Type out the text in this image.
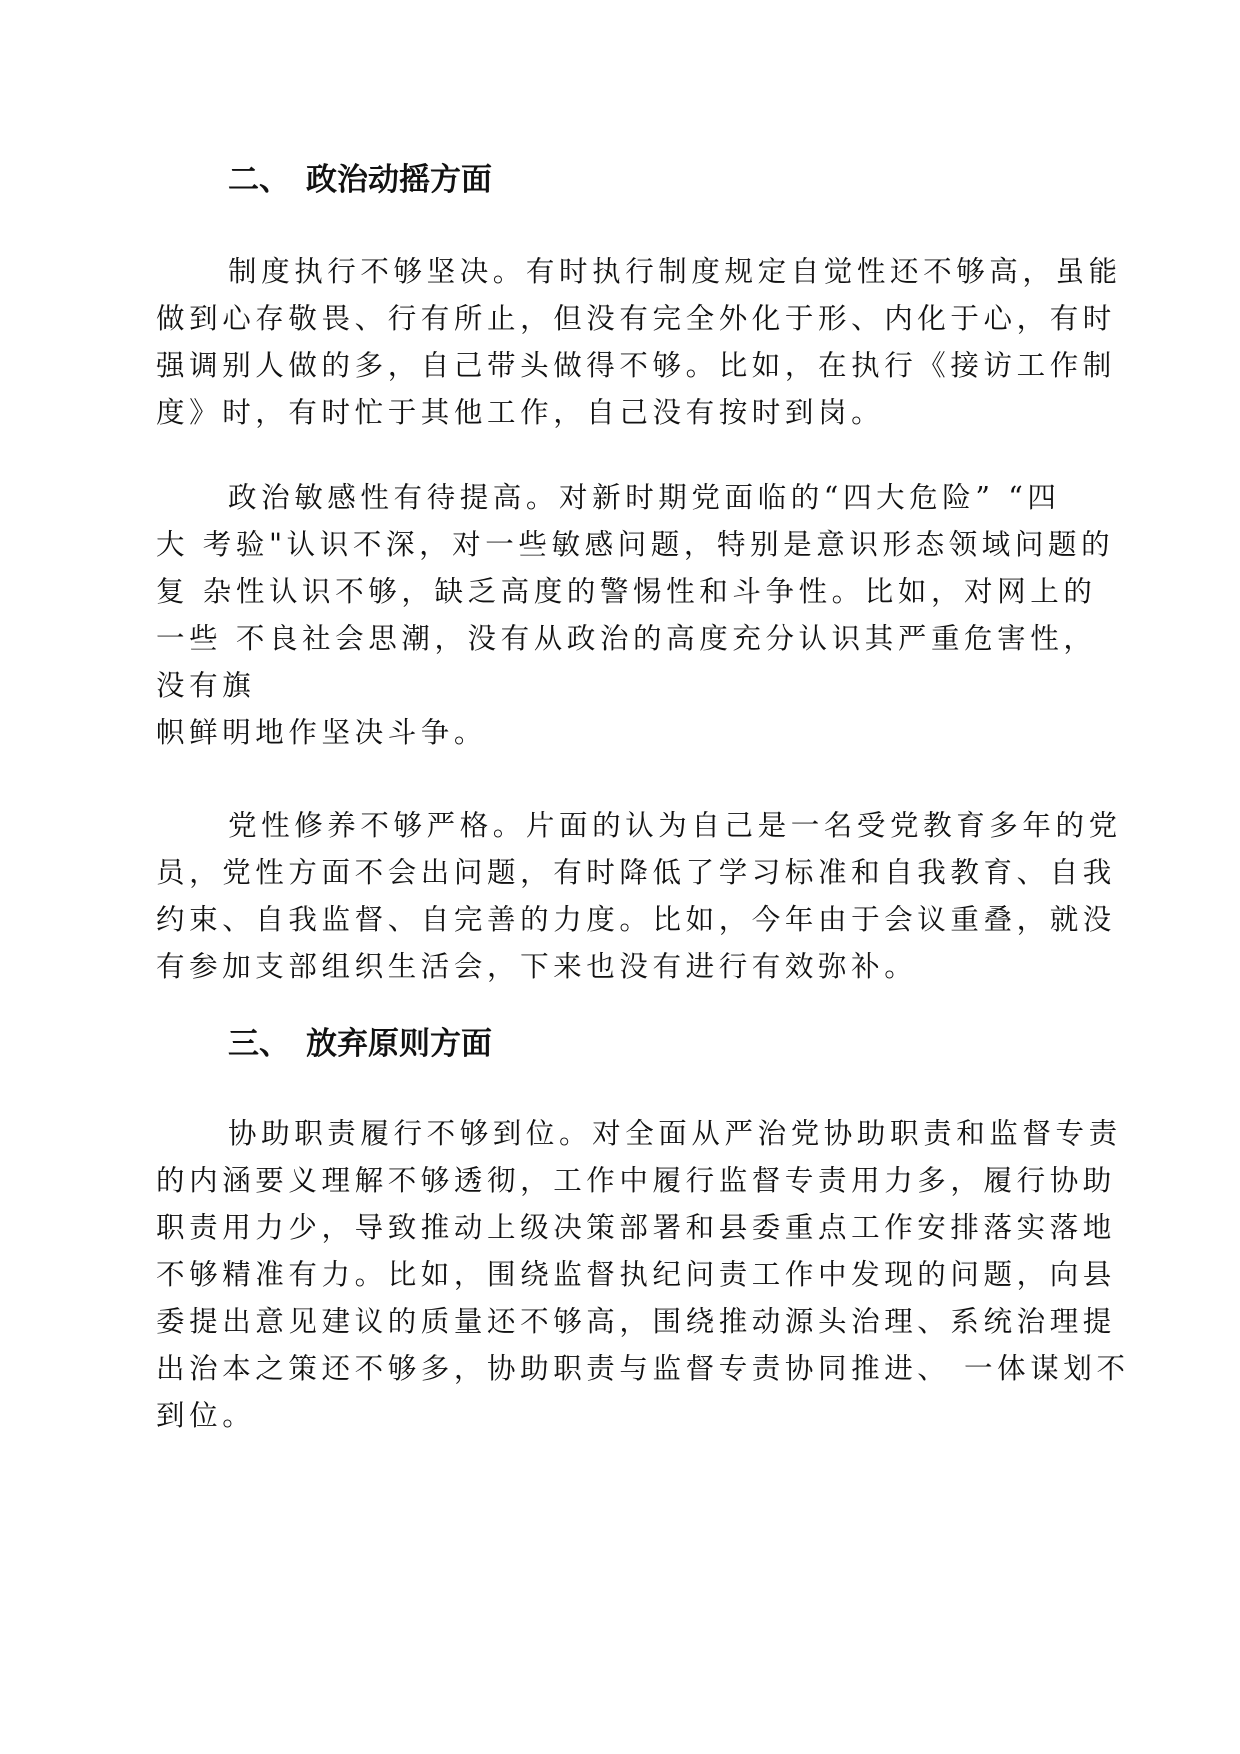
二、 政治动摇方面
制度执行不够坚决。有时执行制度规定自觉性还不够高，虽能
做到心存敬畏、行有所止，但没有完全外化于形、内化于心，有时
强调别人做的多，自己带头做得不够。比如，在执行《接访工作制
度》时，有时忙于其他工作，自己没有按时到岗。
政治敏感性有待提高。对新时期党面临的“四大危险” “四
大 考验"认识不深，对一些敏感问题，特别是意识形态领域问题的
复 杂性认识不够，缺乏高度的警惕性和斗争性。比如，对网上的
一些 不良社会思潮，没有从政治的高度充分认识其严重危害性，
没有旗
帜鲜明地作坚决斗争。
党性修养不够严格。片面的认为自己是一名受党教育多年的党
员，党性方面不会出问题，有时降低了学习标准和自我教育、自我
约束、自我监督、自完善的力度。比如，今年由于会议重叠，就没
有参加支部组织生活会，下来也没有进行有效弥补。
三、 放弃原则方面
协助职责履行不够到位。对全面从严治党协助职责和监督专责
的内涵要义理解不够透彻，工作中履行监督专责用力多，履行协助
职责用力少，导致推动上级决策部署和县委重点工作安排落实落地
不够精准有力。比如，围绕监督执纪问责工作中发现的问题，向县
委提出意见建议的质量还不够高，围绕推动源头治理、系统治理提
出治本之策还不够多，协助职责与监督专责协同推进、 一体谋划不
到位。
